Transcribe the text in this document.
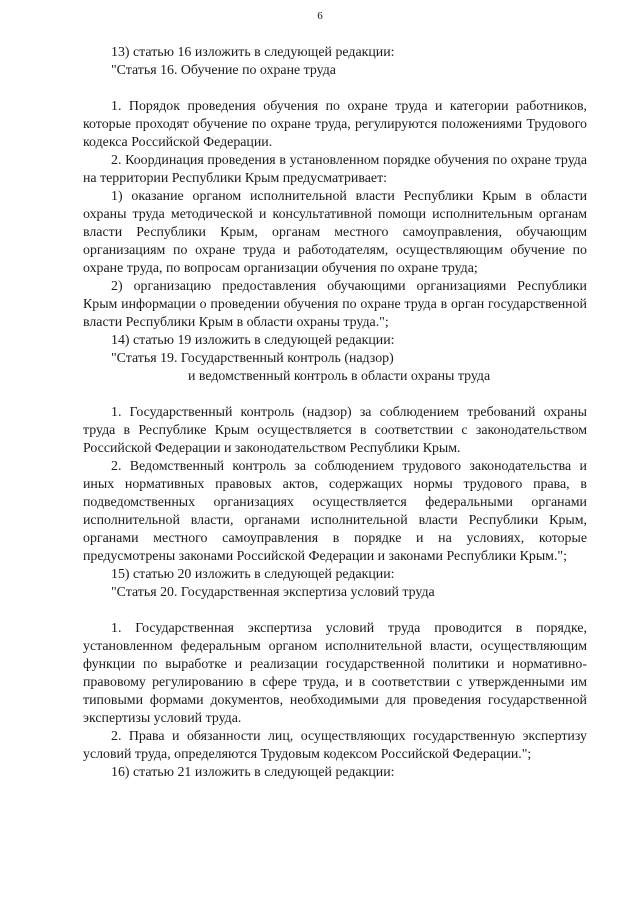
6

13) статью 16 изложить в следующей редакции:

"Статья 16. Обучение по охране труда

1. Порядок проведения обучения по охране труда и категории работников, которые проходят обучение по охране труда, регулируются положениями Трудового кодекса Российской Федерации.

2. Координация проведения в установленном порядке обучения по охране труда на территории Республики Крым предусматривает:

1) оказание органом исполнительной власти Республики Крым в области охраны труда методической и консультативной помощи исполнительным органам власти Республики Крым, органам местного самоуправления, обучающим организациям по охране труда и работодателям, осуществляющим обучение по охране труда, по вопросам организации обучения по охране труда;

2) организацию предоставления обучающими организациями Республики Крым информации о проведении обучения по охране труда в орган государственной власти Республики Крым в области охраны труда.";

14) статью 19 изложить в следующей редакции:

"Статья 19. Государственный контроль (надзор)

и ведомственный контроль в области охраны труда

1. Государственный контроль (надзор) за соблюдением требований охраны труда в Республике Крым осуществляется в соответствии с законодательством Российской Федерации и законодательством Республики Крым.

2. Ведомственный контроль за соблюдением трудового законодательства и иных нормативных правовых актов, содержащих нормы трудового права, в подведомственных организациях осуществляется федеральными органами исполнительной власти, органами исполнительной власти Республики Крым, органами местного самоуправления в порядке и на условиях, которые предусмотрены законами Российской Федерации и законами Республики Крым.";

15) статью 20 изложить в следующей редакции:

"Статья 20. Государственная экспертиза условий труда

1. Государственная экспертиза условий труда проводится в порядке, установленном федеральным органом исполнительной власти, осуществляющим функции по выработке и реализации государственной политики и нормативно-правовому регулированию в сфере труда, и в соответствии с утвержденными им типовыми формами документов, необходимыми для проведения государственной экспертизы условий труда.

2. Права и обязанности лиц, осуществляющих государственную экспертизу условий труда, определяются Трудовым кодексом Российской Федерации.";

16) статью 21 изложить в следующей редакции:
